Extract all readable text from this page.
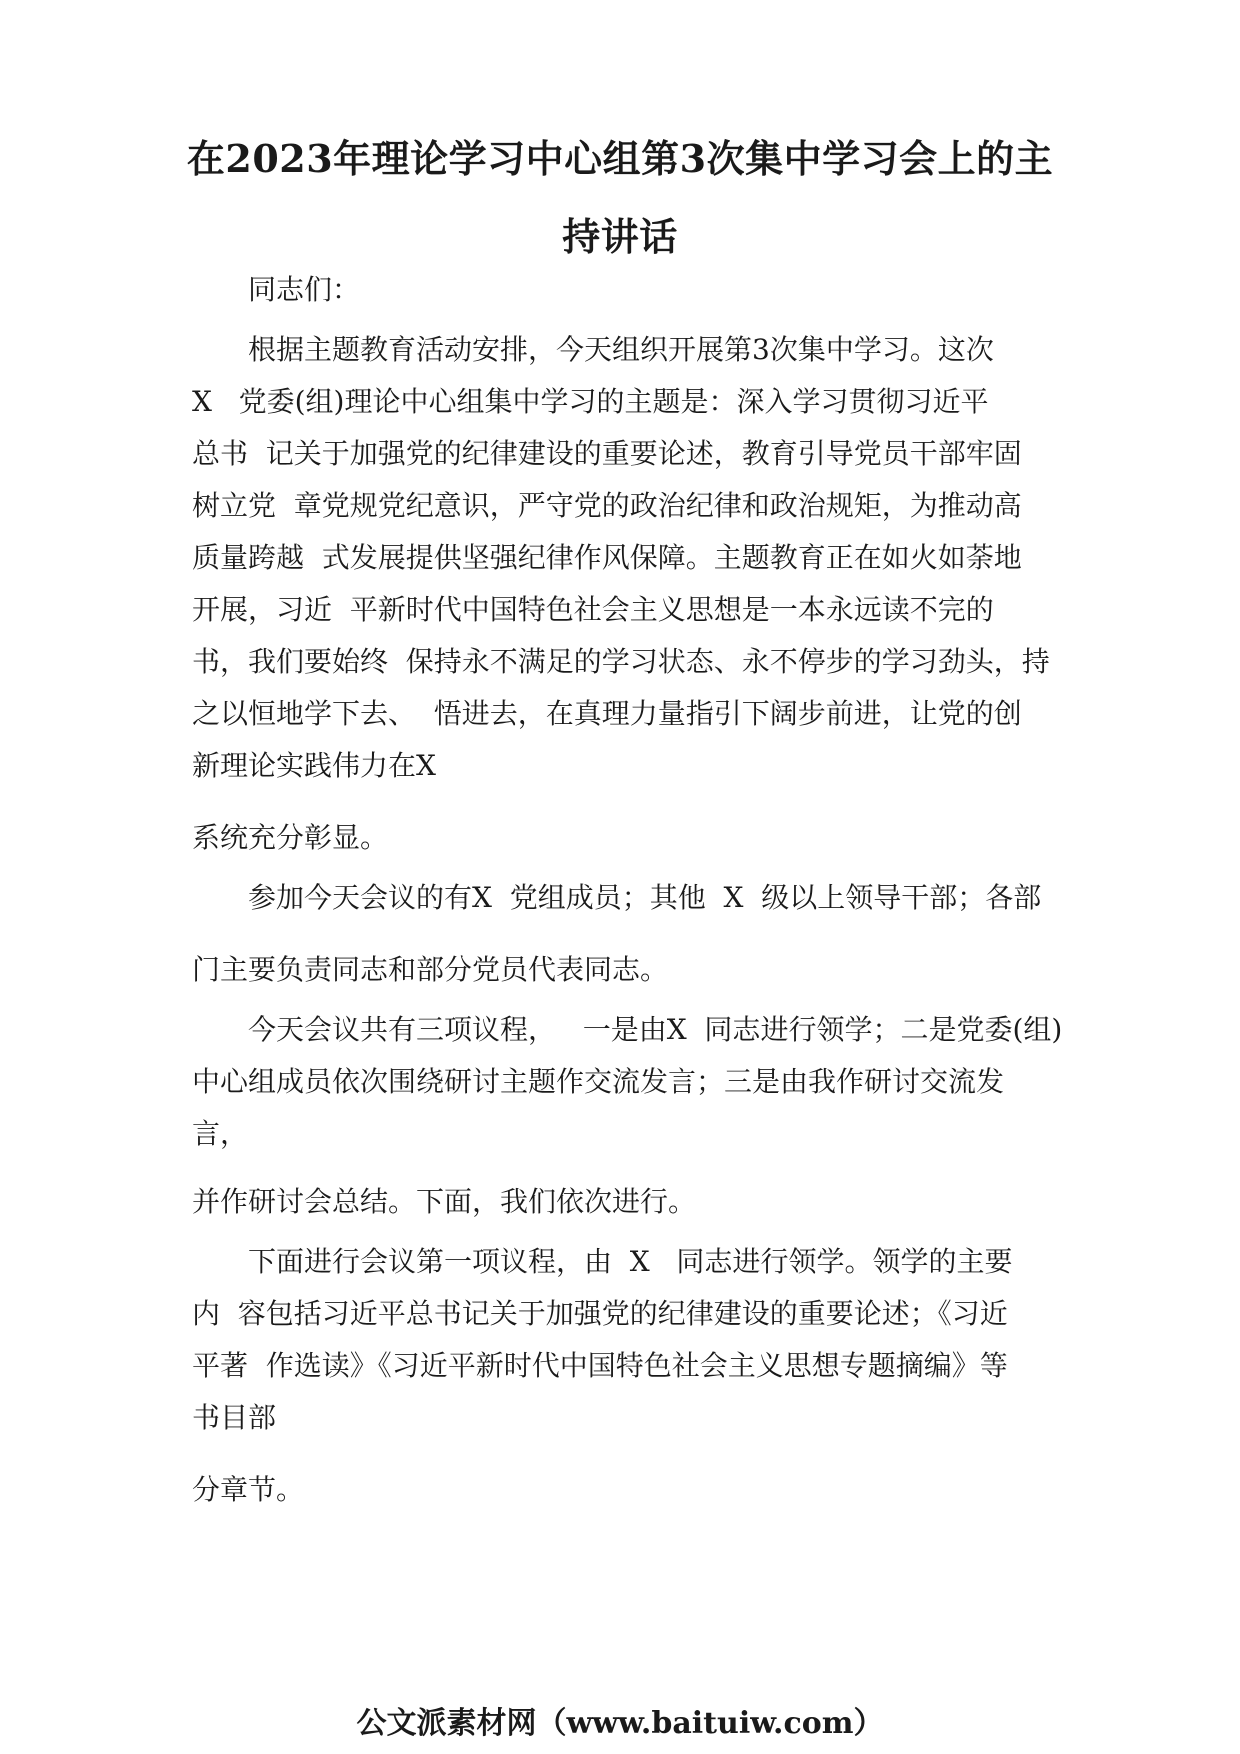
在2023年理论学习中心组第3次集中学习会上的主
持讲话

同志们：

根据主题教育活动安排，今天组织开展第3次集中学习。这次

X   党委(组)理论中心组集中学习的主题是：深入学习贯彻习近平

总书  记关于加强党的纪律建设的重要论述，教育引导党员干部牢固

树立党  章党规党纪意识，严守党的政治纪律和政治规矩，为推动高

质量跨越  式发展提供坚强纪律作风保障。主题教育正在如火如荼地

开展，习近  平新时代中国特色社会主义思想是一本永远读不完的

书，我们要始终  保持永不满足的学习状态、永不停步的学习劲头，持

之以恒地学下去、  悟进去，在真理力量指引下阔步前进，让党的创

新理论实践伟力在X

系统充分彰显。

参加今天会议的有X  党组成员；其他  X  级以上领导干部；各部

门主要负责同志和部分党员代表同志。

今天会议共有三项议程，   一是由X  同志进行领学；二是党委(组)

中心组成员依次围绕研讨主题作交流发言；三是由我作研讨交流发

言，

并作研讨会总结。下面，我们依次进行。

下面进行会议第一项议程，由  X   同志进行领学。领学的主要

内  容包括习近平总书记关于加强党的纪律建设的重要论述；《习近

平著  作选读》《习近平新时代中国特色社会主义思想专题摘编》等

书目部

分章节。

公文派素材网（www.baituiw.com）
